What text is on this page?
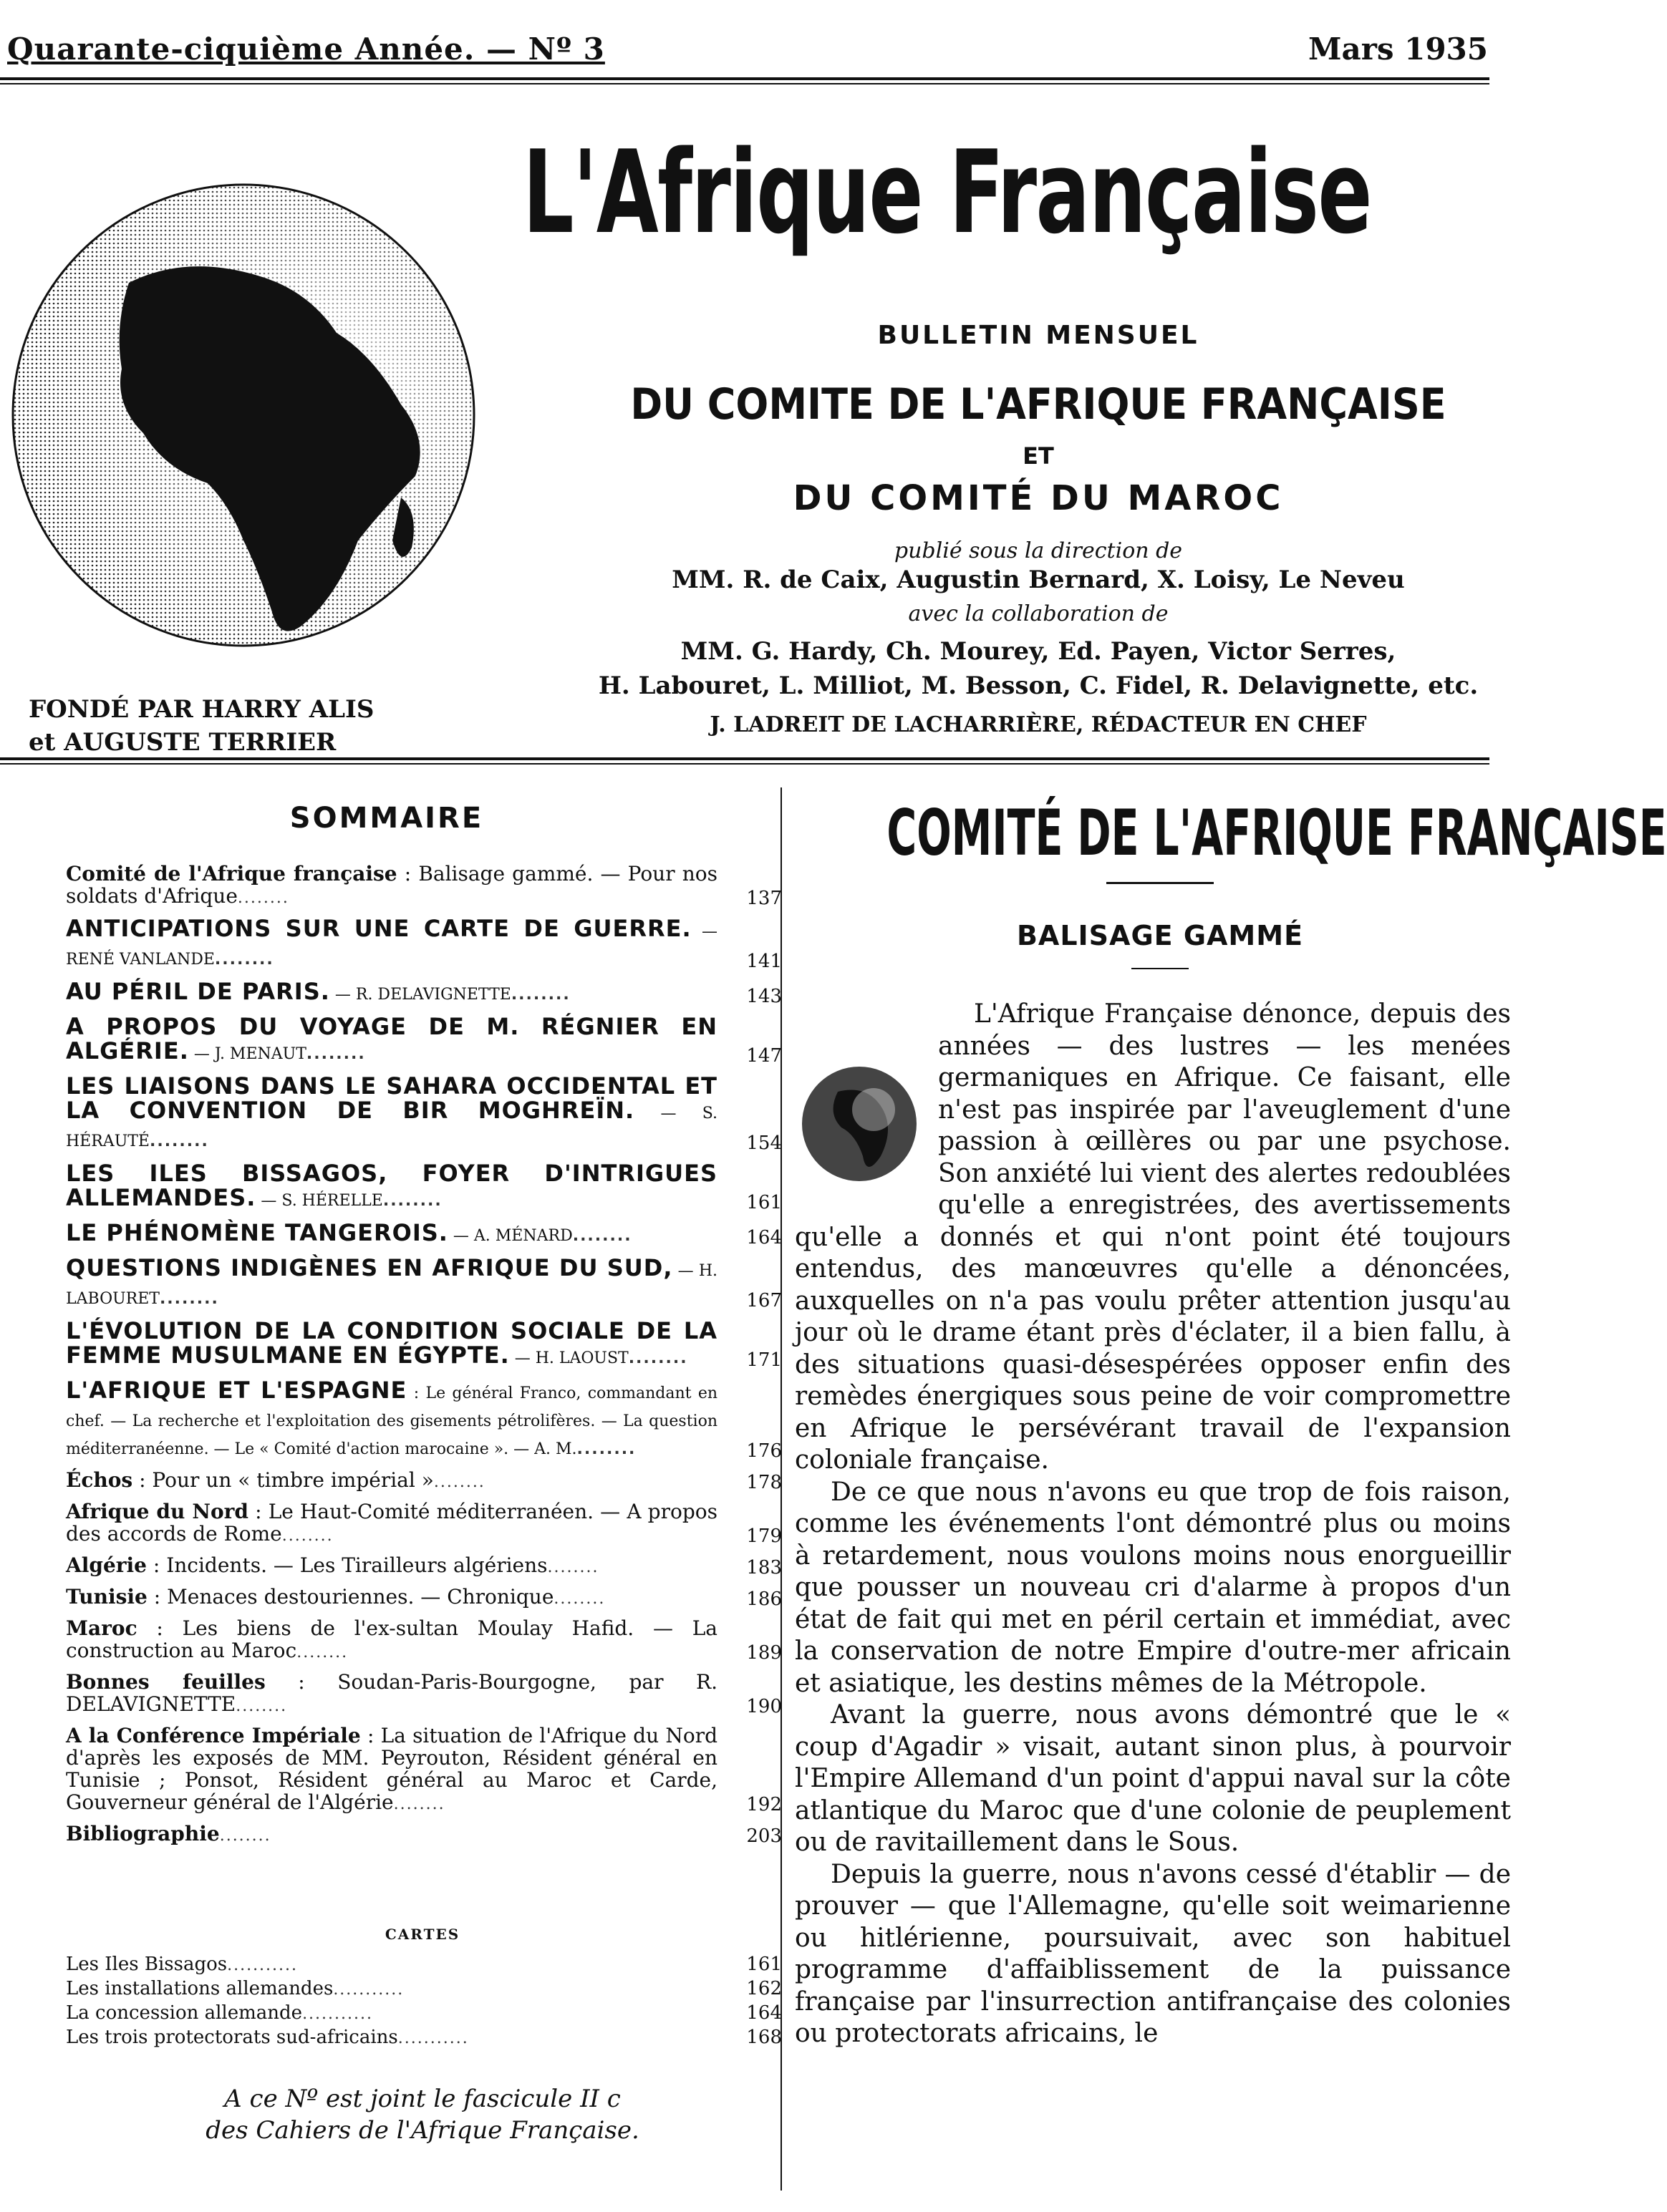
Quarante-ciquième Année. — Nº 3	Mars 1935
L'Afrique Française
BULLETIN MENSUEL
DU COMITE DE L'AFRIQUE FRANÇAISE
ET
DU COMITÉ DU MAROC
publié sous la direction de
MM. R. de Caix, Augustin Bernard, X. Loisy, Le Neveu
avec la collaboration de
MM. G. Hardy, Ch. Mourey, Ed. Payen, Victor Serres,
H. Labouret, L. Milliot, M. Besson, C. Fidel, R. Delavignette, etc.
J. LADREIT DE LACHARRIÈRE, RÉDACTEUR EN CHEF
FONDÉ PAR HARRY ALIS
et AUGUSTE TERRIER
SOMMAIRE
Comité de l'Afrique française : Balisage gammé. — Pour nos soldats d'Afrique........	137
ANTICIPATIONS SUR UNE CARTE DE GUERRE. — RENÉ VANLANDE........	141
AU PÉRIL DE PARIS. — R. DELAVIGNETTE........	143
A PROPOS DU VOYAGE DE M. RÉGNIER EN ALGÉRIE. — J. MENAUT........	147
LES LIAISONS DANS LE SAHARA OCCIDENTAL ET LA CONVENTION DE BIR MOGHREÏN. — S. HÉRAUTÉ........	154
LES ILES BISSAGOS, FOYER D'INTRIGUES ALLEMANDES. — S. HÉRELLE........	161
LE PHÉNOMÈNE TANGEROIS. — A. MÉNARD........	164
QUESTIONS INDIGÈNES EN AFRIQUE DU SUD, — H. LABOURET........	167
L'ÉVOLUTION DE LA CONDITION SOCIALE DE LA FEMME MUSULMANE EN ÉGYPTE. — H. LAOUST........	171
L'AFRIQUE ET L'ESPAGNE : Le général Franco, commandant en chef. — La recherche et l'exploitation des gisements pétrolifères. — La question méditerranéenne. — Le « Comité d'action marocaine ». — A. M.........	176
Échos : Pour un « timbre impérial »........	178
Afrique du Nord : Le Haut-Comité méditerranéen. — A propos des accords de Rome........	179
Algérie : Incidents. — Les Tirailleurs algériens........	183
Tunisie : Menaces destouriennes. — Chronique........	186
Maroc : Les biens de l'ex-sultan Moulay Hafid. — La construction au Maroc........	189
Bonnes feuilles : Soudan-Paris-Bourgogne, par R. DELAVIGNETTE........	190
A la Conférence Impériale : La situation de l'Afrique du Nord d'après les exposés de MM. Peyrouton, Résident général en Tunisie ; Ponsot, Résident général au Maroc et Carde, Gouverneur général de l'Algérie........	192
Bibliographie........	203
CARTES
Les Iles Bissagos...........	161
Les installations allemandes...........	162
La concession allemande...........	164
Les trois protectorats sud-africains...........	168
A ce Nº est joint le fascicule II c
des Cahiers de l'Afrique Française.
COMITÉ DE L'AFRIQUE FRANÇAISE
BALISAGE GAMMÉ

L'Afrique Française dénonce, depuis des années — des lustres — les menées germaniques en Afrique. Ce faisant, elle n'est pas inspirée par l'aveuglement d'une passion à œillères ou par une psychose. Son anxiété lui vient des alertes redoublées qu'elle a enregistrées, des avertissements qu'elle a donnés et qui n'ont point été toujours entendus, des manœuvres qu'elle a dénoncées, auxquelles on n'a pas voulu prêter attention jusqu'au jour où le drame étant près d'éclater, il a bien fallu, à des situations quasi-désespérées opposer enfin des remèdes énergiques sous peine de voir compromettre en Afrique le persévérant travail de l'expansion coloniale française.

De ce que nous n'avons eu que trop de fois raison, comme les événements l'ont démontré plus ou moins à retardement, nous voulons moins nous enorgueillir que pousser un nouveau cri d'alarme à propos d'un état de fait qui met en péril certain et immédiat, avec la conservation de notre Empire d'outre-mer africain et asiatique, les destins mêmes de la Métropole.

Avant la guerre, nous avons démontré que le « coup d'Agadir » visait, autant sinon plus, à pourvoir l'Empire Allemand d'un point d'appui naval sur la côte atlantique du Maroc que d'une colonie de peuplement ou de ravitaillement dans le Sous.

Depuis la guerre, nous n'avons cessé d'établir — de prouver — que l'Allemagne, qu'elle soit weimarienne ou hitlérienne, poursuivait, avec son habituel programme d'affaiblissement de la puissance française par l'insurrection antifrançaise des colonies ou protectorats africains, le
